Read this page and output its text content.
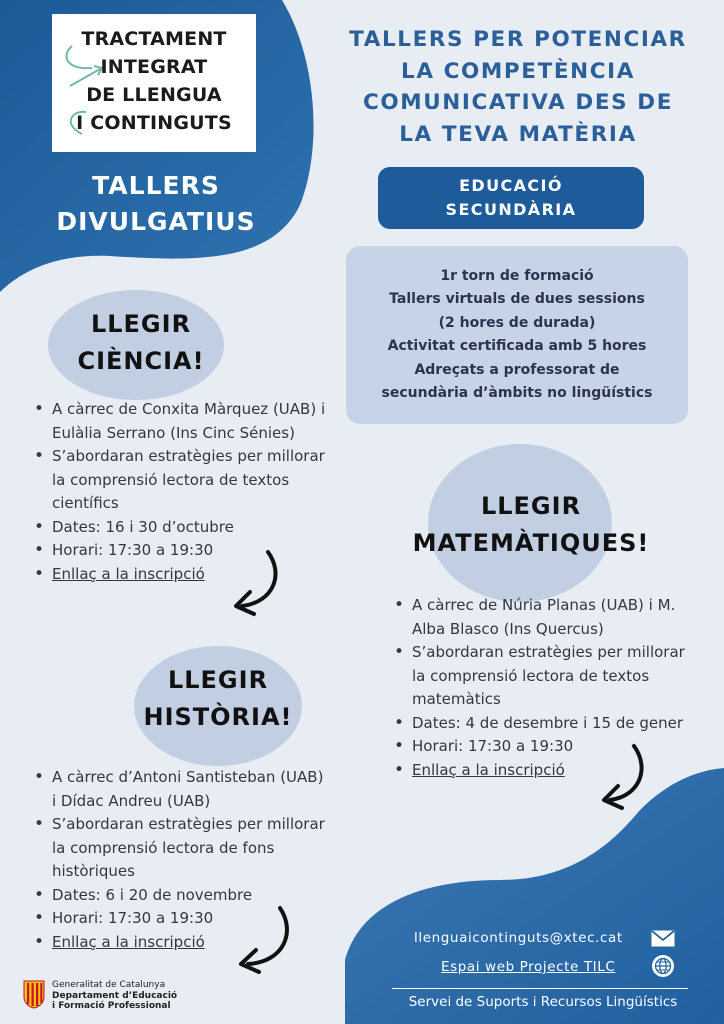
TRACTAMENT
INTEGRAT
DE LLENGUA
I CONTINGUTS
TALLERS
DIVULGATIUS
TALLERS PER POTENCIAR
LA COMPETÈNCIA
COMUNICATIVA DES DE
LA TEVA MATÈRIA
EDUCACIÓ
SECUNDÀRIA
1r torn de formació
Tallers virtuals de dues sessions
(2 hores de durada)
Activitat certificada amb 5 hores
Adreçats a professorat de
secundària d’àmbits no lingüístics
LLEGIR
CIÈNCIA!
• A càrrec de Conxita Màrquez (UAB) i Eulàlia Serrano (Ins Cinc Sénies)
• S’abordaran estratègies per millorar la comprensió lectora de textos científics
• Dates: 16 i 30 d’octubre
• Horari: 17:30 a 19:30
• Enllaç a la inscripció
LLEGIR
HISTÒRIA!
• A càrrec d’Antoni Santisteban (UAB) i Dídac Andreu (UAB)
• S’abordaran estratègies per millorar la comprensió lectora de fons històriques
• Dates: 6 i 20 de novembre
• Horari: 17:30 a 19:30
• Enllaç a la inscripció
LLEGIR
MATEMÀTIQUES!
• A càrrec de Núria Planas (UAB) i M. Alba Blasco (Ins Quercus)
• S’abordaran estratègies per millorar la comprensió lectora de textos matemàtics
• Dates: 4 de desembre i 15 de gener
• Horari: 17:30 a 19:30
• Enllaç a la inscripció
llenguaicontinguts@xtec.cat
Espai web Projecte TILC
Servei de Suports i Recursos Lingüístics
Generalitat de Catalunya
Departament d’Educació
i Formació Professional
